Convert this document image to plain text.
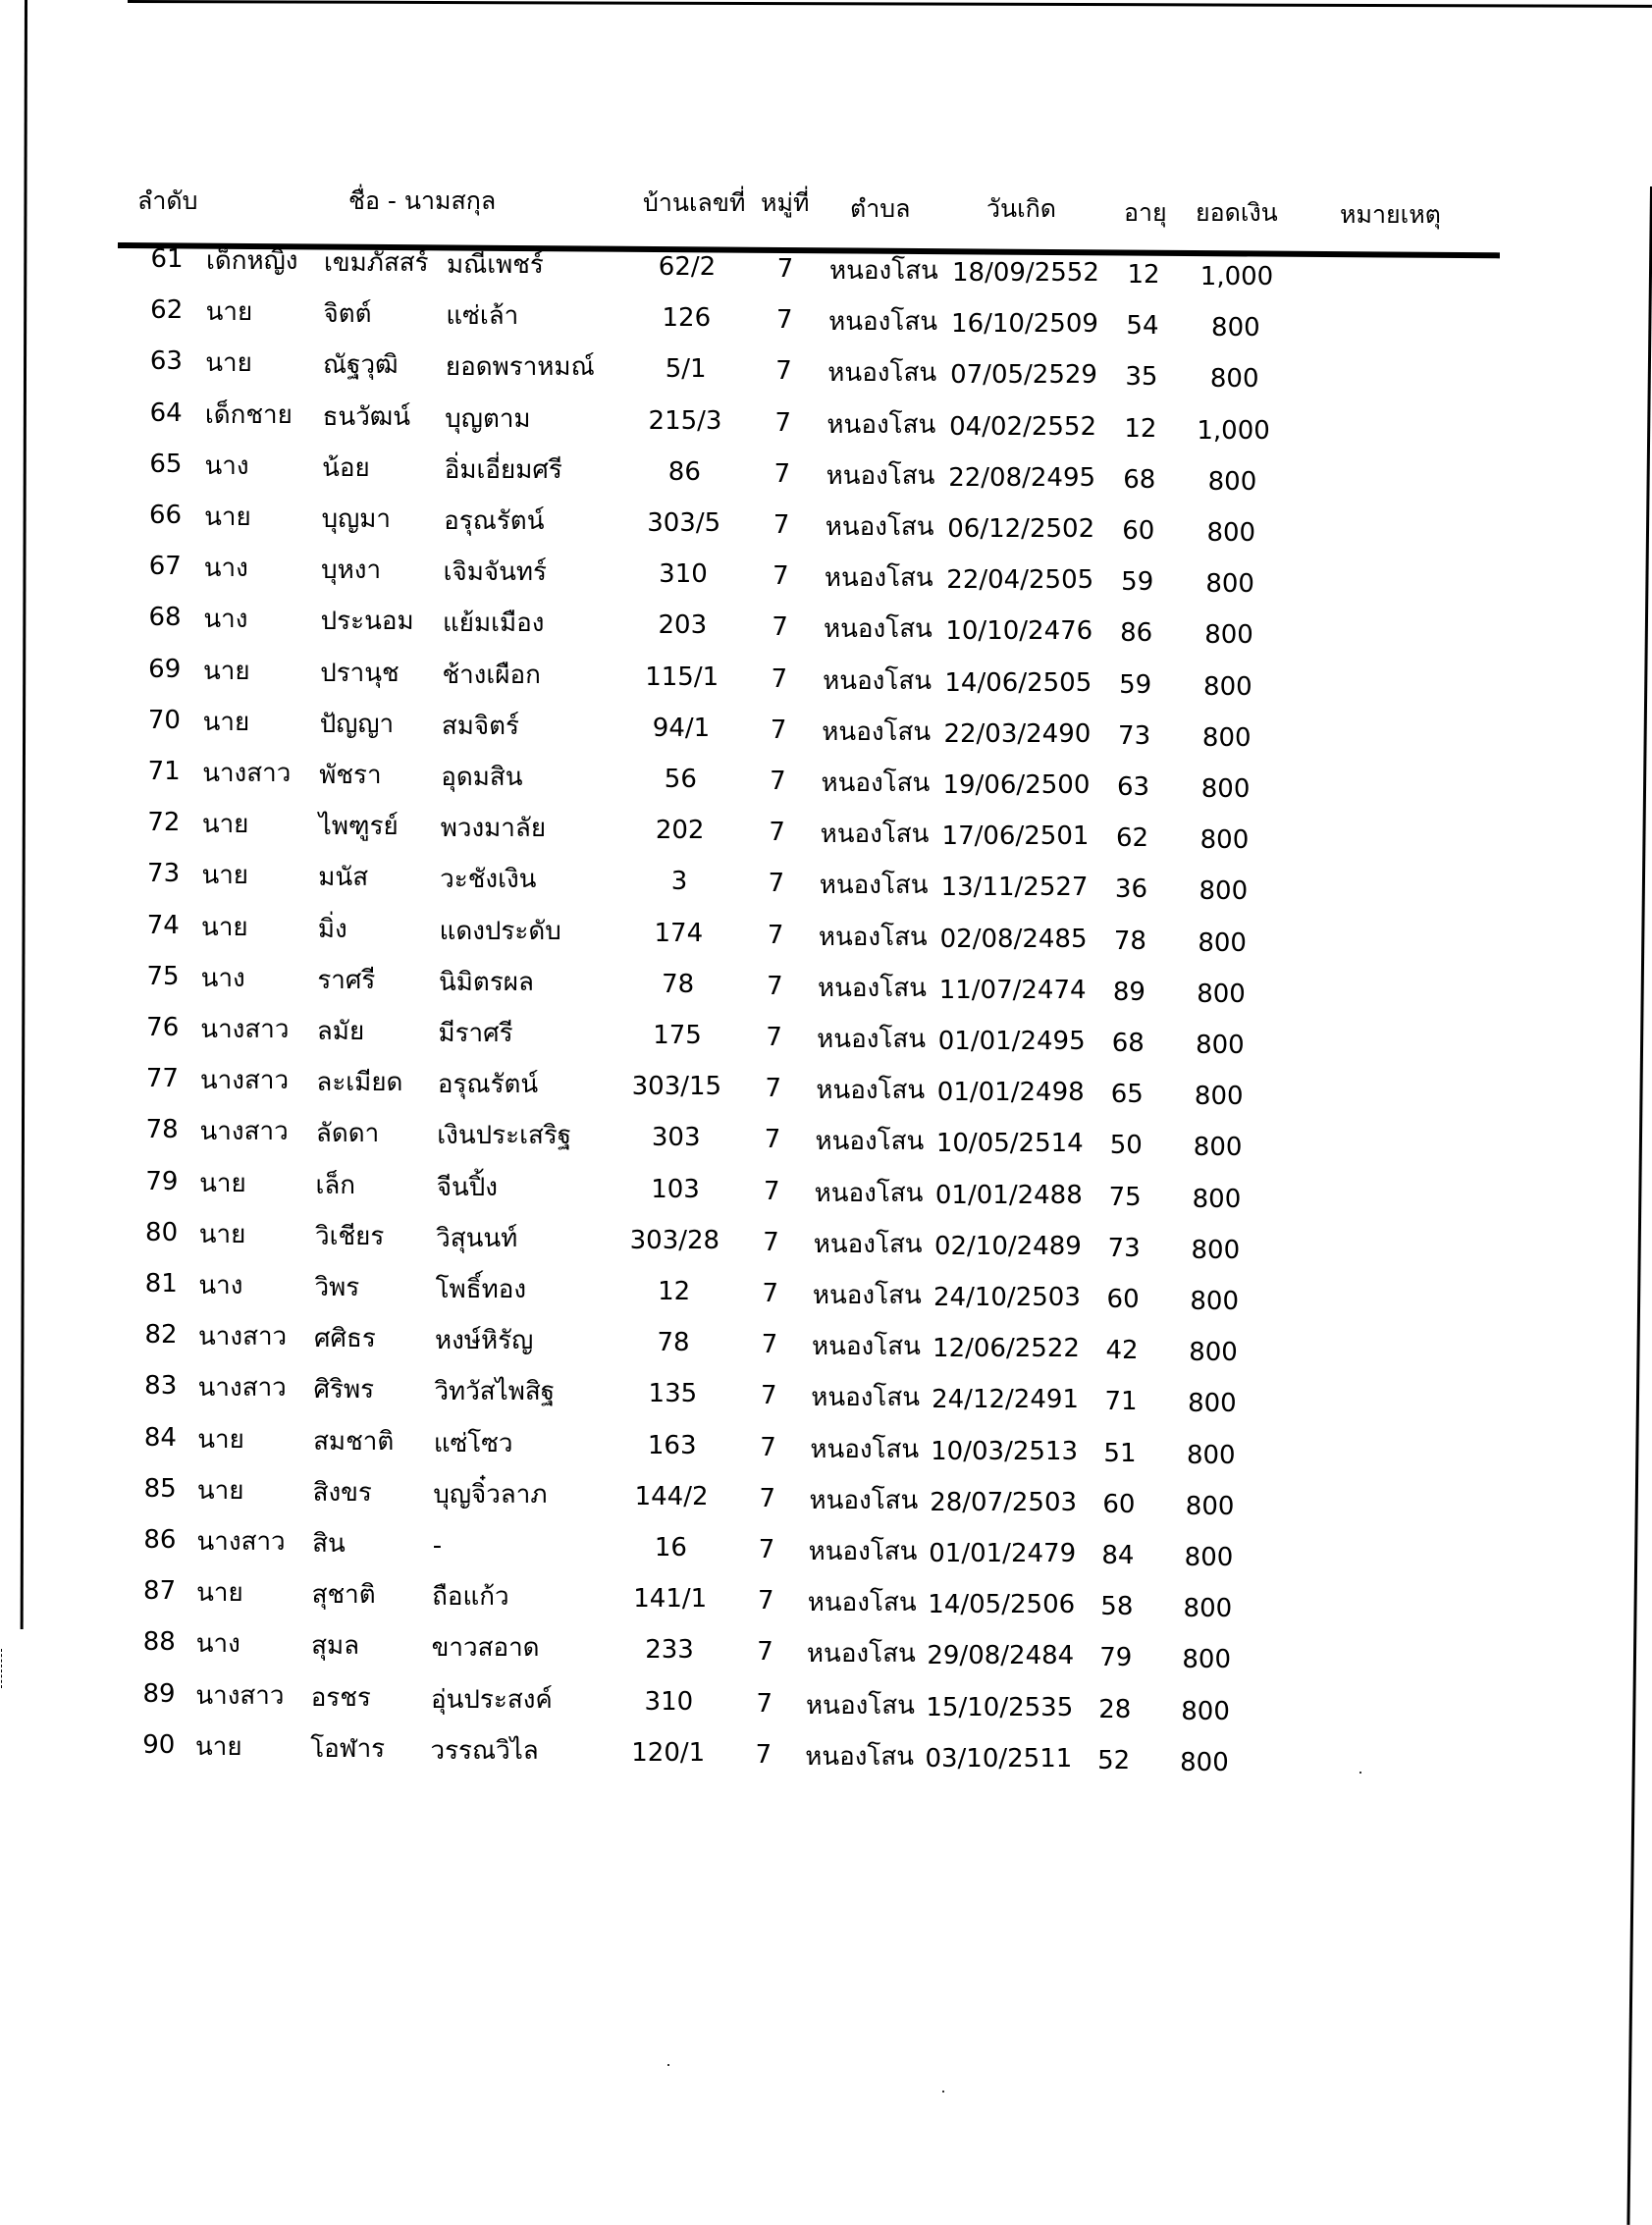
ลำดับ	ชื่อ - นามสกุล	บ้านเลขที่ หมู่ที่ ตำบล	วันเกิด	อายุ ยอดเงิน	หมายเหตุ
61 เด็กหญิง เขมภัสสร์ มณีเพชร์	62/2	7 หนองโสน 18/09/2552	12	1,000
62 นาย	จิตต์	แซ่เล้า	126	7 หนองโสน 16/10/2509	54	800
63 นาย	ณัฐวุฒิ ยอดพราหมณ์	5/1	7 หนองโสน 07/05/2529	35	800
64 เด็กชาย ธนวัฒน์ บุญตาม	215/3	7 หนองโสน 04/02/2552	12	1,000
65 นาง	น้อย	อิ่มเอี่ยมศรี	86	7 หนองโสน 22/08/2495	68	800
66 นาย	บุญมา อรุณรัตน์	303/5	7 หนองโสน 06/12/2502	60	800
67 นาง	บุหงา เจิมจันทร์	310	7 หนองโสน 22/04/2505	59	800
68 นาง	ประนอม แย้มเมือง	203	7 หนองโสน 10/10/2476	86	800
69 นาย	ปรานุช ช้างเผือก	115/1	7 หนองโสน 14/06/2505	59	800
70 นาย	ปัญญา สมจิตร์	94/1	7 หนองโสน 22/03/2490	73	800
71 นางสาว พัชรา อุดมสิน	56	7 หนองโสน 19/06/2500	63	800
72 นาย	ไพฑูรย์ พวงมาลัย	202	7 หนองโสน 17/06/2501	62	800
73 นาย	มนัส	วะชังเงิน	3	7 หนองโสน 13/11/2527	36	800
74 นาย	มิ่ง	แดงประดับ	174	7 หนองโสน 02/08/2485	78	800
75 นาง	ราศรี นิมิตรผล	78	7 หนองโสน 11/07/2474	89	800
76 นางสาว ลมัย	มีราศรี	175	7 หนองโสน 01/01/2495	68	800
77 นางสาว ละเมียด อรุณรัตน์	303/15	7 หนองโสน 01/01/2498	65	800
78 นางสาว ลัดดา เงินประเสริฐ	303	7 หนองโสน 10/05/2514	50	800
79 นาย	เล็ก	จีนปิ้ง	103	7 หนองโสน 01/01/2488	75	800
80 นาย	วิเชียร วิสุนนท์	303/28	7 หนองโสน 02/10/2489	73	800
81 นาง	วิพร	โพธิ์ทอง	12	7 หนองโสน 24/10/2503	60	800
82 นางสาว ศศิธร หงษ์หิรัญ	78	7 หนองโสน 12/06/2522	42	800
83 นางสาว ศิริพร วิทวัสไพสิฐ	135	7 หนองโสน 24/12/2491	71	800
84 นาย	สมชาติ แซ่โซว	163	7 หนองโสน 10/03/2513	51	800
85 นาย	สิงขร บุญจิ๋วลาภ	144/2	7 หนองโสน 28/07/2503	60	800
86 นางสาว สิน	-	16	7 หนองโสน 01/01/2479	84	800
87 นาย	สุชาติ ถือแก้ว	141/1	7 หนองโสน 14/05/2506	58	800
88 นาง	สุมล	ขาวสอาด	233	7 หนองโสน 29/08/2484	79	800
89 นางสาว อรชร อุ่นประสงค์	310	7 หนองโสน 15/10/2535 28	800
90 นาย	โอฬาร วรรณวิไล	120/1	7 หนองโสน 03/10/2511 52	800
